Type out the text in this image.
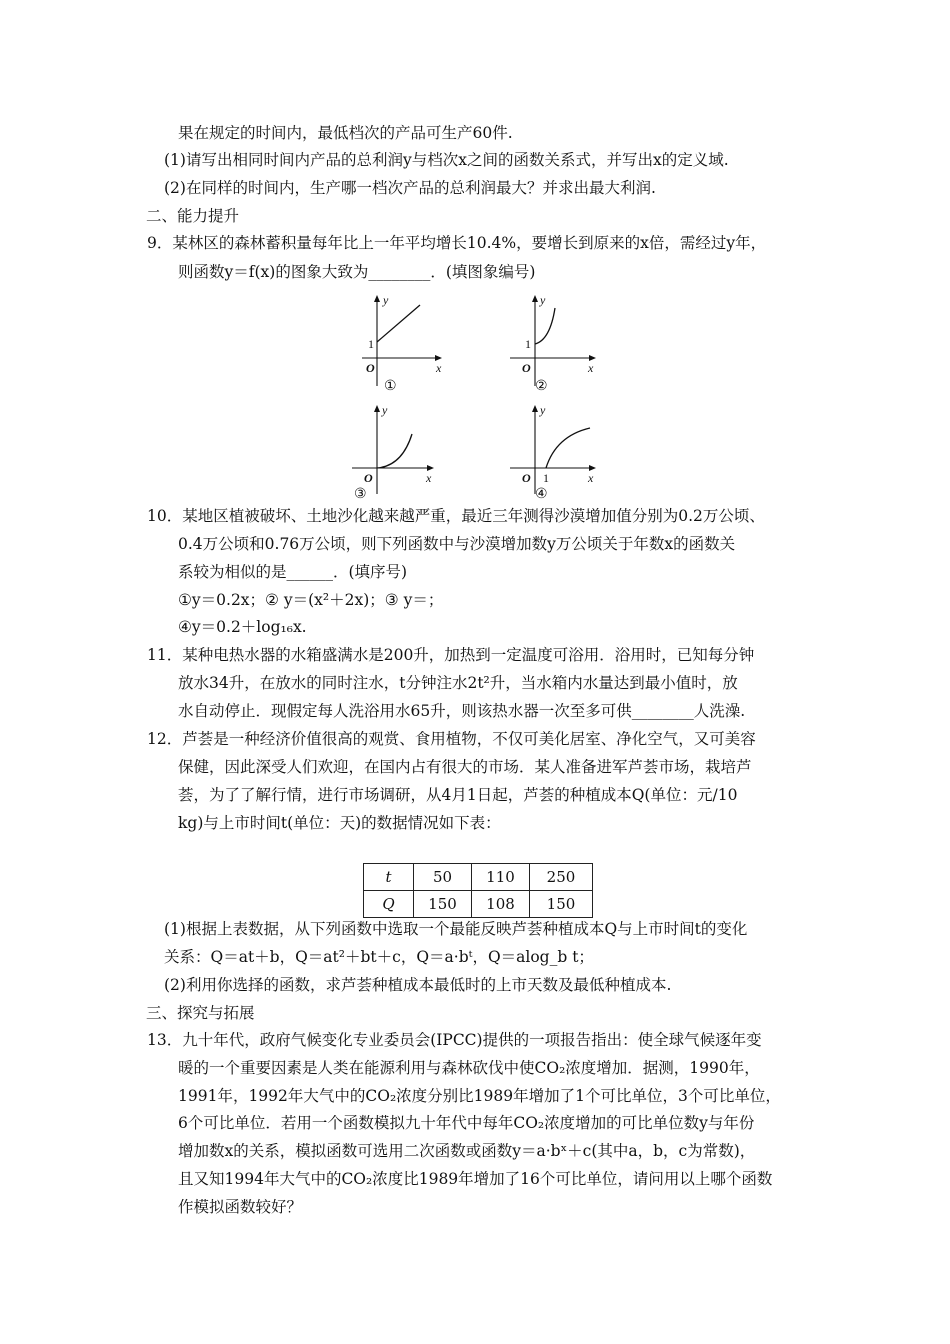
果在规定的时间内，最低档次的产品可生产60件.
(1)请写出相同时间内产品的总利润y与档次x之间的函数关系式，并写出x的定义域.
(2)在同样的时间内，生产哪一档次产品的总利润最大？并求出最大利润.
二、能力提升
9．某林区的森林蓄积量每年比上一年平均增长10.4%，要增长到原来的x倍，需经过y年，
则函数y＝f(x)的图象大致为________．(填图象编号)
y
x
O
1
①
y
x
O
1
②
y
x
O
③
y
x
O 1
④
10．某地区植被破坏、土地沙化越来越严重，最近三年测得沙漠增加值分别为0.2万公顷、
0.4万公顷和0.76万公顷，则下列函数中与沙漠增加数y万公顷关于年数x的函数关
系较为相似的是______．(填序号)
①y＝0.2x；② y＝(x²＋2x)；③ y＝；
④y＝0.2＋log₁₆x.
11．某种电热水器的水箱盛满水是200升，加热到一定温度可浴用．浴用时，已知每分钟
放水34升，在放水的同时注水，t分钟注水2t²升，当水箱内水量达到最小值时，放
水自动停止．现假定每人洗浴用水65升，则该热水器一次至多可供________人洗澡.
12．芦荟是一种经济价值很高的观赏、食用植物，不仅可美化居室、净化空气，又可美容
保健，因此深受人们欢迎，在国内占有很大的市场．某人准备进军芦荟市场，栽培芦
荟，为了了解行情，进行市场调研，从4月1日起，芦荟的种植成本Q(单位：元/10
kg)与上市时间t(单位：天)的数据情况如下表：
t	50	110	250
Q	150	108	150
(1)根据上表数据，从下列函数中选取一个最能反映芦荟种植成本Q与上市时间t的变化
关系：Q＝at＋b，Q＝at²＋bt＋c，Q＝a·bᵗ，Q＝alog_b t；
(2)利用你选择的函数，求芦荟种植成本最低时的上市天数及最低种植成本.
三、探究与拓展
13．九十年代，政府气候变化专业委员会(IPCC)提供的一项报告指出：使全球气候逐年变
暖的一个重要因素是人类在能源利用与森林砍伐中使CO₂浓度增加．据测，1990年，
1991年，1992年大气中的CO₂浓度分别比1989年增加了1个可比单位，3个可比单位，
6个可比单位．若用一个函数模拟九十年代中每年CO₂浓度增加的可比单位数y与年份
增加数x的关系，模拟函数可选用二次函数或函数y＝a·bˣ＋c(其中a，b，c为常数)，
且又知1994年大气中的CO₂浓度比1989年增加了16个可比单位，请问用以上哪个函数
作模拟函数较好？
